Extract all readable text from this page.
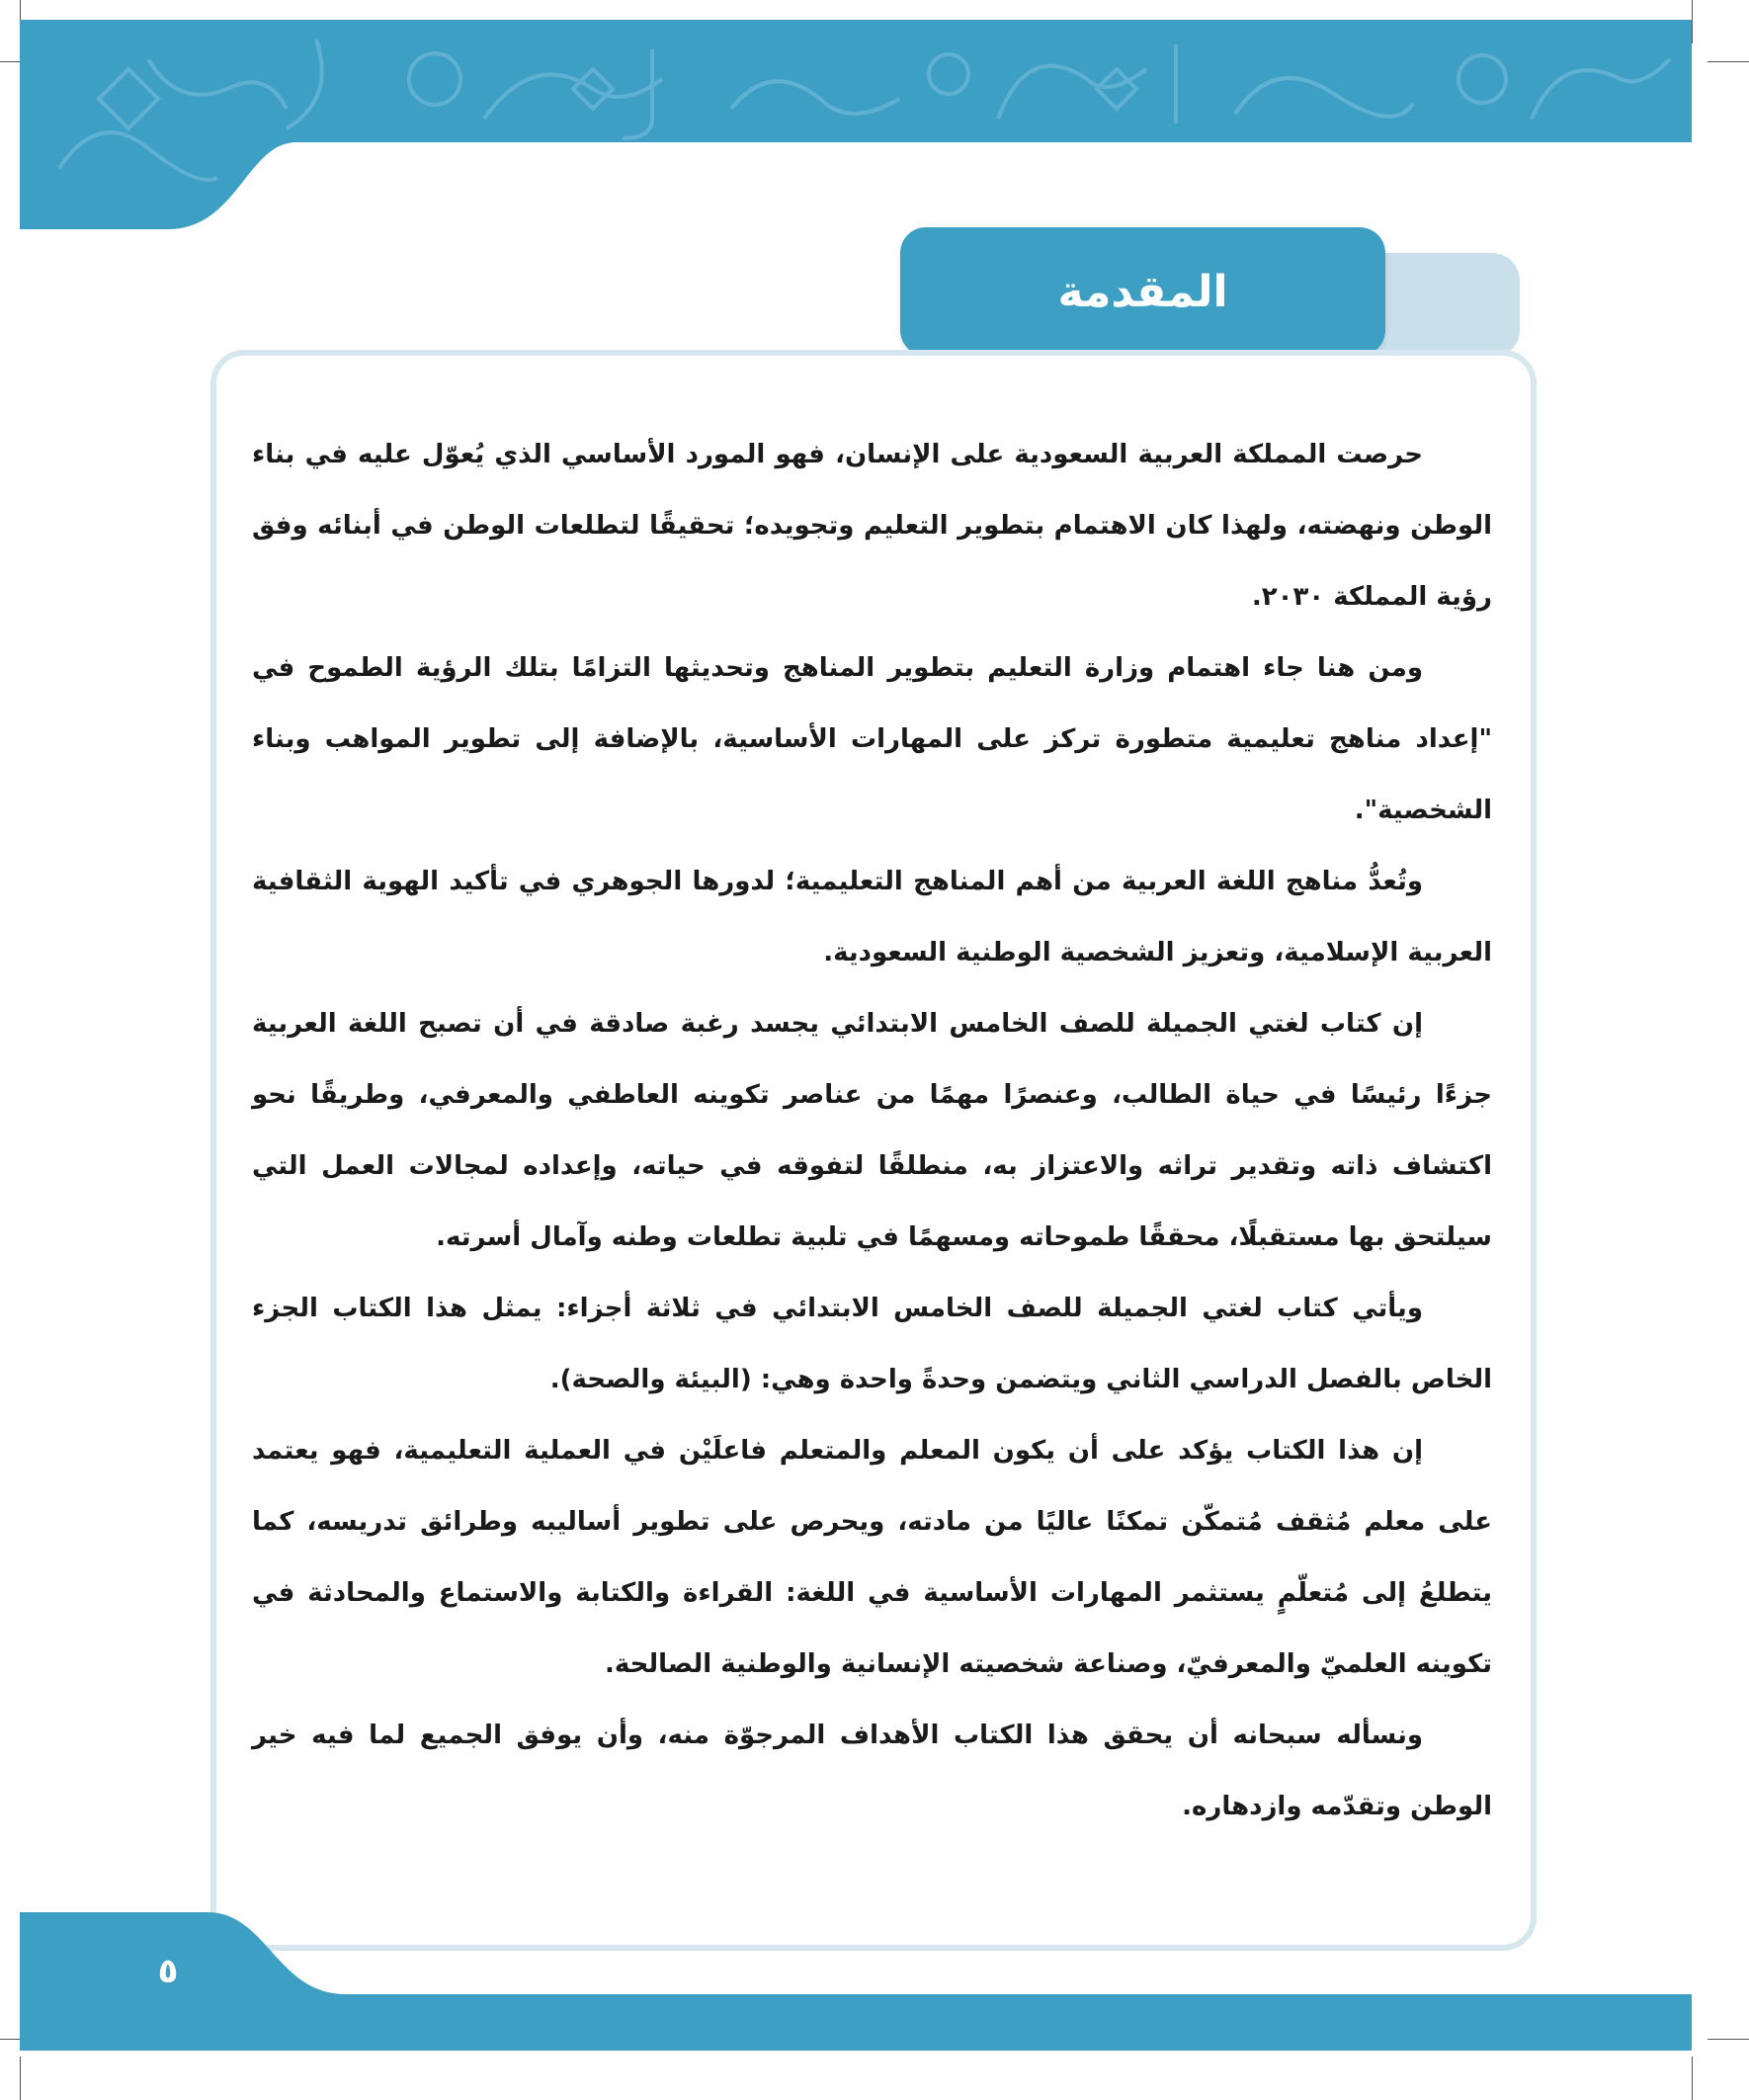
المقدمة

حرصت المملكة العربية السعودية على الإنسان، فهو المورد الأساسي الذي يُعوّل عليه في بناء الوطن ونهضته، ولهذا كان الاهتمام بتطوير التعليم وتجويده؛ تحقيقًا لتطلعات الوطن في أبنائه وفق رؤية المملكة ٢٠٣٠.

ومن هنا جاء اهتمام وزارة التعليم بتطوير المناهج وتحديثها التزامًا بتلك الرؤية الطموح في "إعداد مناهج تعليمية متطورة تركز على المهارات الأساسية، بالإضافة إلى تطوير المواهب وبناء الشخصية".

وتُعدُّ مناهج اللغة العربية من أهم المناهج التعليمية؛ لدورها الجوهري في تأكيد الهوية الثقافية العربية الإسلامية، وتعزيز الشخصية الوطنية السعودية.

إن كتاب لغتي الجميلة للصف الخامس الابتدائي يجسد رغبة صادقة في أن تصبح اللغة العربية جزءًا رئيسًا في حياة الطالب، وعنصرًا مهمًا من عناصر تكوينه العاطفي والمعرفي، وطريقًا نحو اكتشاف ذاته وتقدير تراثه والاعتزاز به، منطلقًا لتفوقه في حياته، وإعداده لمجالات العمل التي سيلتحق بها مستقبلًا، محققًا طموحاته ومسهمًا في تلبية تطلعات وطنه وآمال أسرته.

ويأتي كتاب لغتي الجميلة للصف الخامس الابتدائي في ثلاثة أجزاء: يمثل هذا الكتاب الجزء الخاص بالفصل الدراسي الثاني ويتضمن وحدةً واحدة وهي: (البيئة والصحة).

إن هذا الكتاب يؤكد على أن يكون المعلم والمتعلم فاعلَيْن في العملية التعليمية، فهو يعتمد على معلم مُثقف مُتمكّن تمكنًا عاليًا من مادته، ويحرص على تطوير أساليبه وطرائق تدريسه، كما يتطلعُ إلى مُتعلّمٍ يستثمر المهارات الأساسية في اللغة: القراءة والكتابة والاستماع والمحادثة في تكوينه العلميّ والمعرفيّ، وصناعة شخصيته الإنسانية والوطنية الصالحة.

ونسأله سبحانه أن يحقق هذا الكتاب الأهداف المرجوّة منه، وأن يوفق الجميع لما فيه خير الوطن وتقدّمه وازدهاره.

٥
